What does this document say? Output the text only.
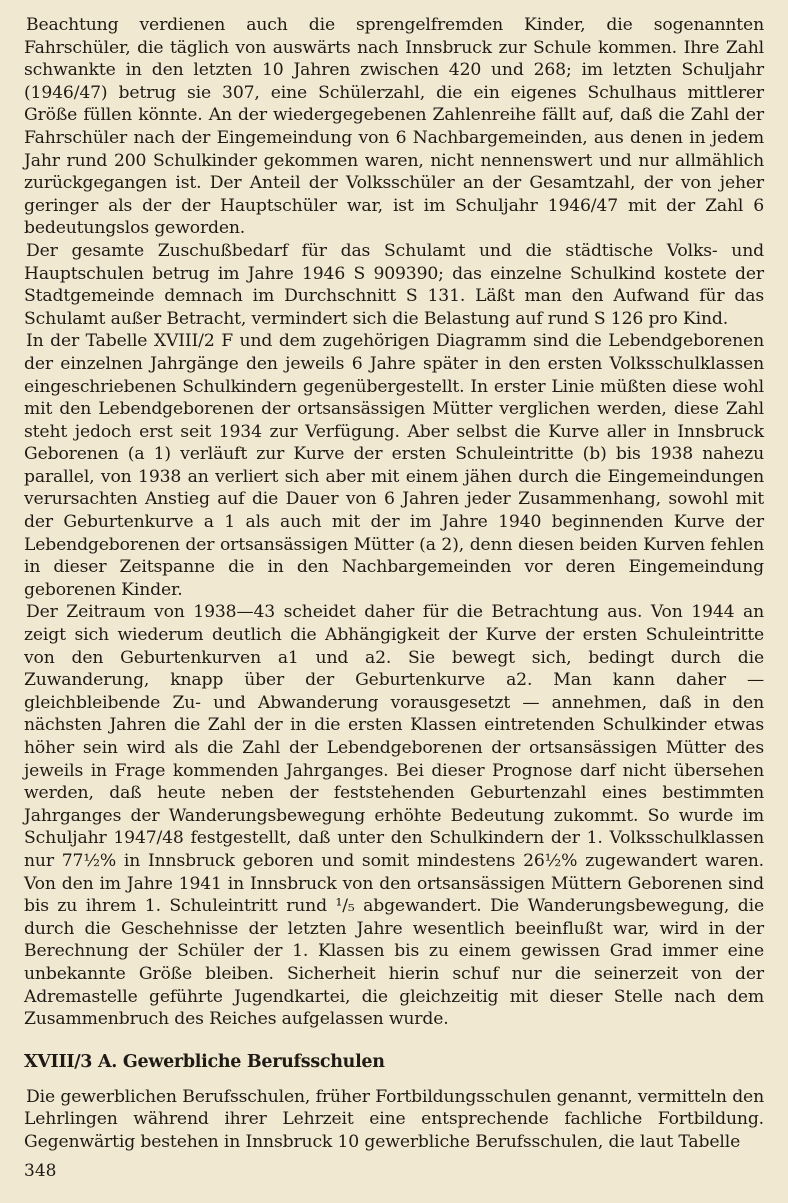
Beachtung verdienen auch die sprengelfremden Kinder, die sogenannten Fahrschüler, die täglich von auswärts nach Innsbruck zur Schule kommen. Ihre Zahl schwankte in den letzten 10 Jahren zwischen 420 und 268; im letzten Schuljahr (1946/47) betrug sie 307, eine Schülerzahl, die ein eigenes Schulhaus mittlerer Größe füllen könnte. An der wiedergegebenen Zahlenreihe fällt auf, daß die Zahl der Fahrschüler nach der Eingemeindung von 6 Nachbargemeinden, aus denen in jedem Jahr rund 200 Schulkinder gekommen waren, nicht nennenswert und nur allmählich zurückgegangen ist. Der Anteil der Volksschüler an der Gesamtzahl, der von jeher geringer als der der Hauptschüler war, ist im Schuljahr 1946/47 mit der Zahl 6 bedeutungslos geworden.

Der gesamte Zuschußbedarf für das Schulamt und die städtische Volks- und Hauptschulen betrug im Jahre 1946 S 909390; das einzelne Schulkind kostete der Stadtgemeinde demnach im Durchschnitt S 131. Läßt man den Aufwand für das Schulamt außer Betracht, vermindert sich die Belastung auf rund S 126 pro Kind.

In der Tabelle XVIII/2 F und dem zugehörigen Diagramm sind die Lebendgeborenen der einzelnen Jahrgänge den jeweils 6 Jahre später in den ersten Volksschulklassen eingeschriebenen Schulkindern gegenübergestellt. In erster Linie müßten diese wohl mit den Lebendgeborenen der ortsansässigen Mütter verglichen werden, diese Zahl steht jedoch erst seit 1934 zur Verfügung. Aber selbst die Kurve aller in Innsbruck Geborenen (a 1) verläuft zur Kurve der ersten Schuleintritte (b) bis 1938 nahezu parallel, von 1938 an verliert sich aber mit einem jähen durch die Eingemeindungen verursachten Anstieg auf die Dauer von 6 Jahren jeder Zusammenhang, sowohl mit der Geburtenkurve a 1 als auch mit der im Jahre 1940 beginnenden Kurve der Lebendgeborenen der ortsansässigen Mütter (a 2), denn diesen beiden Kurven fehlen in dieser Zeitspanne die in den Nachbargemeinden vor deren Eingemeindung geborenen Kinder.

Der Zeitraum von 1938—43 scheidet daher für die Betrachtung aus. Von 1944 an zeigt sich wiederum deutlich die Abhängigkeit der Kurve der ersten Schuleintritte von den Geburtenkurven a1 und a2. Sie bewegt sich, bedingt durch die Zuwanderung, knapp über der Geburtenkurve a2. Man kann daher — gleichbleibende Zu- und Abwanderung vorausgesetzt — annehmen, daß in den nächsten Jahren die Zahl der in die ersten Klassen eintretenden Schulkinder etwas höher sein wird als die Zahl der Lebendgeborenen der ortsansässigen Mütter des jeweils in Frage kommenden Jahrganges. Bei dieser Prognose darf nicht übersehen werden, daß heute neben der feststehenden Geburtenzahl eines bestimmten Jahrganges der Wanderungsbewegung erhöhte Bedeutung zukommt. So wurde im Schuljahr 1947/48 festgestellt, daß unter den Schulkindern der 1. Volksschulklassen nur 77½% in Innsbruck geboren und somit mindestens 26½% zugewandert waren. Von den im Jahre 1941 in Innsbruck von den ortsansässigen Müttern Geborenen sind bis zu ihrem 1. Schuleintritt rund ¹/₅ abgewandert. Die Wanderungsbewegung, die durch die Geschehnisse der letzten Jahre wesentlich beeinflußt war, wird in der Berechnung der Schüler der 1. Klassen bis zu einem gewissen Grad immer eine unbekannte Größe bleiben. Sicherheit hierin schuf nur die seinerzeit von der Adremastelle geführte Jugendkartei, die gleichzeitig mit dieser Stelle nach dem Zusammenbruch des Reiches aufgelassen wurde.

XVIII/3 A. Gewerbliche Berufsschulen

Die gewerblichen Berufsschulen, früher Fortbildungsschulen genannt, vermitteln den Lehrlingen während ihrer Lehrzeit eine entsprechende fachliche Fortbildung. Gegenwärtig bestehen in Innsbruck 10 gewerbliche Berufsschulen, die laut Tabelle

348
